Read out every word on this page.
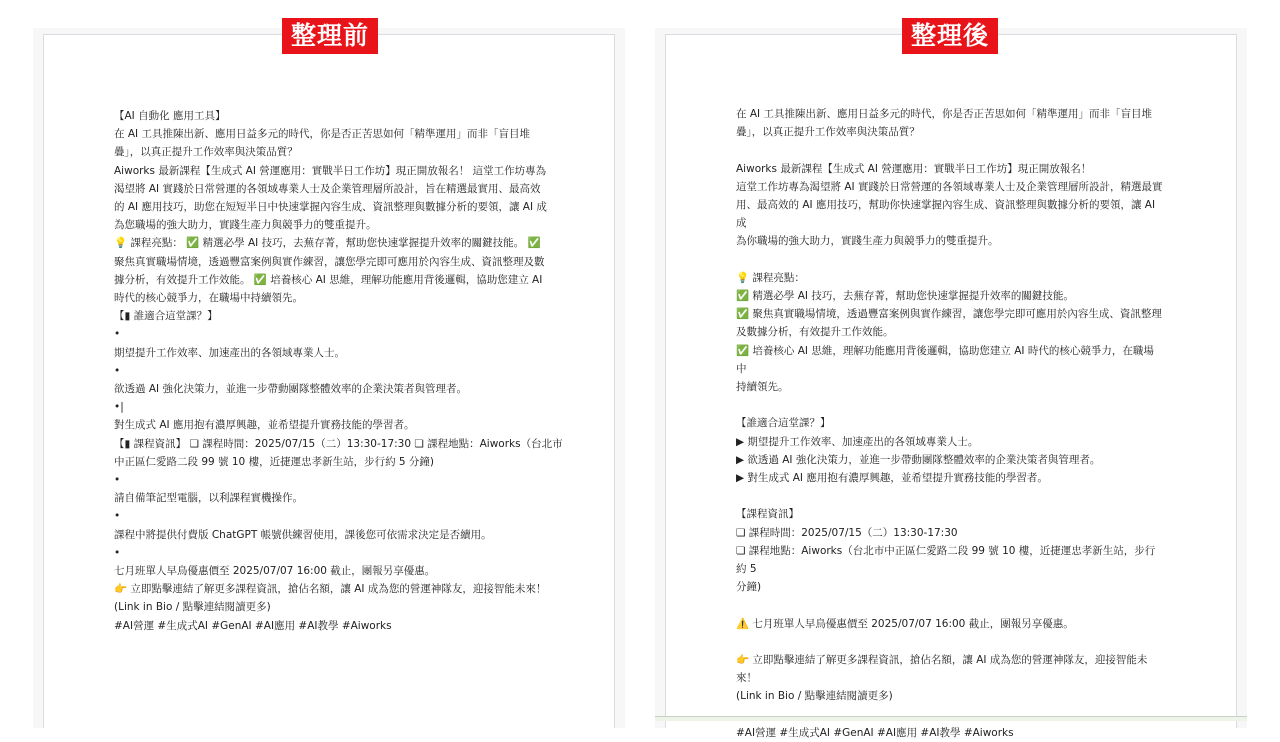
【AI 自動化 應用工具】

在 AI 工具推陳出新、應用日益多元的時代，你是否正苦思如何「精準運用」而非「盲目堆

疊」，以真正提升工作效率與決策品質？

Aiworks 最新課程【生成式 AI 營運應用：實戰半日工作坊】現正開放報名！ 這堂工作坊專為

渴望將 AI 實踐於日常營運的各領域專業人士及企業管理層所設計，旨在精選最實用、最高效

的 AI 應用技巧，助您在短短半日中快速掌握內容生成、資訊整理與數據分析的要領，讓 AI 成

為您職場的強大助力，實踐生產力與競爭力的雙重提升。

💡 課程亮點： ✅ 精選必學 AI 技巧，去蕪存菁，幫助您快速掌握提升效率的關鍵技能。 ✅

聚焦真實職場情境，透過豐富案例與實作練習，讓您學完即可應用於內容生成、資訊整理及數

據分析，有效提升工作效能。 ✅ 培養核心 AI 思維，理解功能應用背後邏輯，協助您建立 AI

時代的核心競爭力，在職場中持續領先。

【▮ 誰適合這堂課？】

•

期望提升工作效率、加速產出的各領域專業人士。

•

欲透過 AI 強化決策力，並進一步帶動團隊整體效率的企業決策者與管理者。

•|

對生成式 AI 應用抱有濃厚興趣，並希望提升實務技能的學習者。

【▮ 課程資訊】 ❏ 課程時間：2025/07/15（二）13:30-17:30 ❏ 課程地點：Aiworks（台北市

中正區仁愛路二段 99 號 10 樓，近捷運忠孝新生站，步行約 5 分鐘)

•

請自備筆記型電腦，以利課程實機操作。

•

課程中將提供付費版 ChatGPT 帳號供練習使用，課後您可依需求決定是否續用。

•

七月班單人早鳥優惠價至 2025/07/07 16:00 截止，團報另享優惠。

👉 立即點擊連結了解更多課程資訊，搶佔名額，讓 AI 成為您的營運神隊友，迎接智能未來！

(Link in Bio / 點擊連結閱讀更多)

#AI營運 #生成式AI #GenAI #AI應用 #AI教學 #Aiworks

整理前

在 AI 工具推陳出新、應用日益多元的時代，你是否正苦思如何「精準運用」而非「盲目堆

疊」，以真正提升工作效率與決策品質？

Aiworks 最新課程【生成式 AI 營運應用：實戰半日工作坊】現正開放報名！

這堂工作坊專為渴望將 AI 實踐於日常營運的各領域專業人士及企業管理層所設計，精選最實

用、最高效的 AI 應用技巧，幫助你快速掌握內容生成、資訊整理與數據分析的要領，讓 AI 成

為你職場的強大助力，實踐生產力與競爭力的雙重提升。

💡 課程亮點：

✅ 精選必學 AI 技巧，去蕪存菁，幫助您快速掌握提升效率的關鍵技能。

✅ 聚焦真實職場情境，透過豐富案例與實作練習，讓您學完即可應用於內容生成、資訊整理

及數據分析，有效提升工作效能。

✅ 培養核心 AI 思維，理解功能應用背後邏輯，協助您建立 AI 時代的核心競爭力，在職場中

持續領先。

【誰適合這堂課？】

▶ 期望提升工作效率、加速產出的各領域專業人士。

▶ 欲透過 AI 強化決策力，並進一步帶動團隊整體效率的企業決策者與管理者。

▶ 對生成式 AI 應用抱有濃厚興趣，並希望提升實務技能的學習者。

【課程資訊】

❏ 課程時間：2025/07/15（二）13:30-17:30

❏ 課程地點：Aiworks（台北市中正區仁愛路二段 99 號 10 樓，近捷運忠孝新生站，步行約 5

分鐘)

⚠️ 七月班單人早鳥優惠價至 2025/07/07 16:00 截止，團報另享優惠。

👉 立即點擊連結了解更多課程資訊，搶佔名額，讓 AI 成為您的營運神隊友，迎接智能未來！

(Link in Bio / 點擊連結閱讀更多)

#AI營運 #生成式AI #GenAI #AI應用 #AI教學 #Aiworks

整理後
